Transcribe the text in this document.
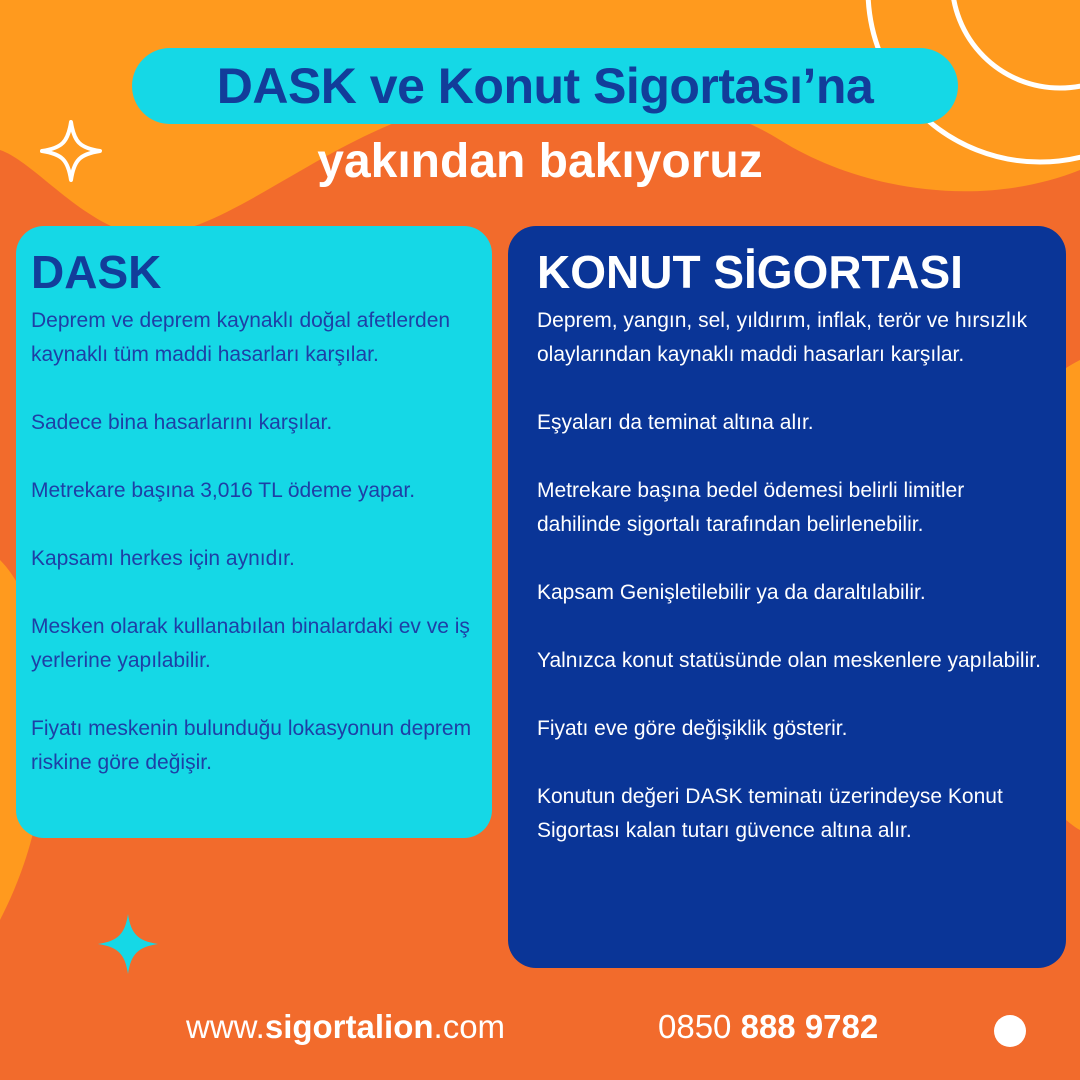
DASK ve Konut Sigortası’na
yakından bakıyoruz
DASK

Deprem ve deprem kaynaklı doğal afetlerden kaynaklı tüm maddi hasarları karşılar.

Sadece bina hasarlarını karşılar.

Metrekare başına 3,016 TL ödeme yapar.

Kapsamı herkes için aynıdır.

Mesken olarak kullanabılan binalardaki ev ve iş yerlerine yapılabilir.

Fiyatı meskenin bulunduğu lokasyonun deprem riskine göre değişir.

KONUT SİGORTASI

Deprem, yangın, sel, yıldırım, inflak, terör ve hırsızlık olaylarından kaynaklı maddi hasarları karşılar.

Eşyaları da teminat altına alır.

Metrekare başına bedel ödemesi belirli limitler dahilinde sigortalı tarafından belirlenebilir.

Kapsam Genişletilebilir ya da daraltılabilir.

Yalnızca konut statüsünde olan meskenlere yapılabilir.

Fiyatı eve göre değişiklik gösterir.

Konutun değeri DASK teminatı üzerindeyse Konut Sigortası kalan tutarı güvence altına alır.

www.sigortalion.com	0850 888 9782
